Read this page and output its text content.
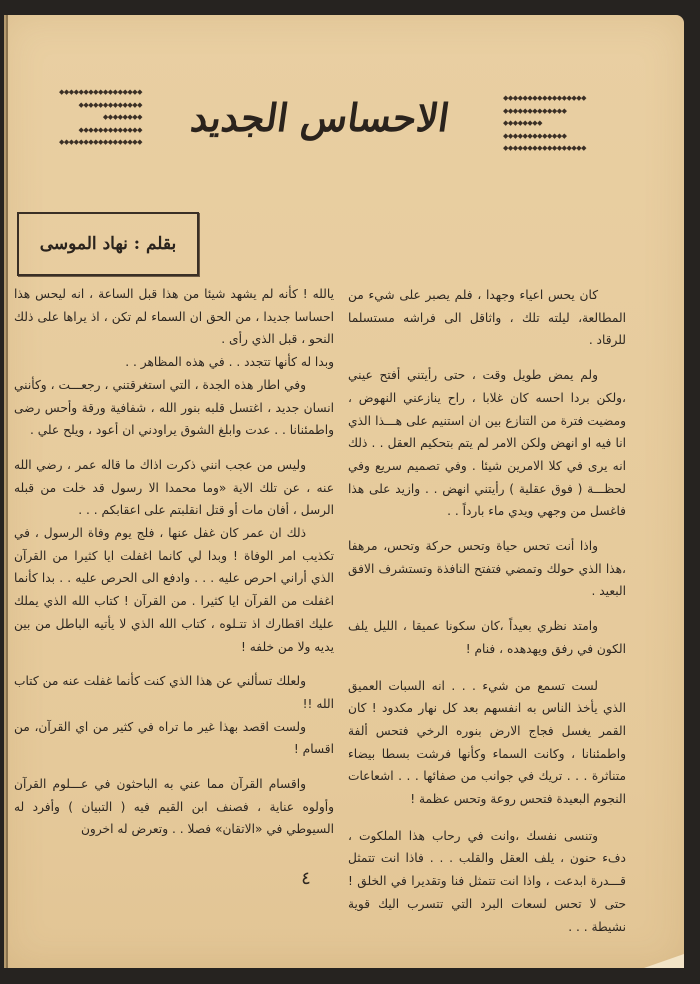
◆◆◆◆◆◆◆◆◆◆◆◆◆◆◆◆◆
◆◆◆◆◆◆◆◆◆◆◆◆◆
◆◆◆◆◆◆◆◆
◆◆◆◆◆◆◆◆◆◆◆◆◆
◆◆◆◆◆◆◆◆◆◆◆◆◆◆◆◆◆
الاحساس الجديد	◆◆◆◆◆◆◆◆◆◆◆◆◆◆◆◆◆
◆◆◆◆◆◆◆◆◆◆◆◆◆
◆◆◆◆◆◆◆◆
◆◆◆◆◆◆◆◆◆◆◆◆◆
◆◆◆◆◆◆◆◆◆◆◆◆◆◆◆◆◆
بقلم : نهاد الموسى

كان يحس اعياء وجهدا ، فلم يصبر على شيء من المطالعة، ليلته تلك ، واثاقل الى فراشه مستسلما للرقاد .

ولم يمض طويل وقت ، حتى رأيتني أفتح عيني ،ولكن بردا احسه كان غلابا ، راح ينازعني النهوض ، ومضيت فترة من التنازع بين ان استنيم على هـــذا الذي انا فيه او انهض ولكن الامر لم يتم بتحكيم العقل . . ذلك انه يرى في كلا الامرين شيئا . وفي تصميم سريع وفي لحظـــة ( فوق عقلية ) رأيتني انهض . . وازيد على هذا فاغسل من وجهي ويدي ماء بارداً . .

واذا أنت تحس حياة وتحس حركة وتحس، مرهفا ،هذا الذي حولك وتمضي فتفتح النافذة وتستشرف الافق البعيد .

وامتد نظري بعيداً ،كان سكونا عميقا ، الليل يلف الكون في رفق ويهدهده ، فنام !

لست تسمع من شيء . . . انه السبات العميق الذي يأخذ الناس به انفسهم بعد كل نهار مكدود ! كان القمر يغسل فجاج الارض بنوره الرخي فتحس ألفة واطمئنانا ، وكانت السماء وكأنها فرشت بسطا بيضاء متناثرة . . . تريك في جوانب من صفائها . . . اشعاعات النجوم البعيدة فتحس روعة وتحس عظمة !

وتنسى نفسك ،وانت في رحاب هذا الملكوت ، دفء حنون ، يلف العقل والقلب . . . فاذا انت تتمثل قـــدرة ابدعت ، واذا انت تتمثل فنا وتقديرا في الخلق ! حتى لا تحس لسعات البرد التي تتسرب اليك قوية نشيطة . . .

يالله ! كأنه لم يشهد شيئا من هذا قبل الساعة ، انه ليحس هذا احساسا جديدا ، من الحق ان السماء لم تكن ، اذ يراها على ذلك النحو ، قبل الذي رأى .

وبدا له كأنها تتجدد . . في هذه المظاهر . .

وفي اطار هذه الجدة ، التي استغرقتني ، رجعـــت ، وكأنني انسان جديد ، اغتسل قلبه بنور الله ، شفافية ورقة وأحس رضى واطمئنانا . . عدت وابلغ الشوق يراودني ان أعود ، ويلح علي .

وليس من عجب انني ذكرت اذاك ما قاله عمر ، رضي الله عنه ، عن تلك الاية «وما محمدا الا رسول قد خلت من قبله الرسل ، أفان مات أو قتل انقلبتم على اعقابكم . . .

ذلك ان عمر كان غفل عنها ، فلج يوم وفاة الرسول ، في تكذيب امر الوفاة ! وبدا لي كانما اغفلت ايا كثيرا من القرآن الذي أراني احرص عليه . . . وادفع الى الحرص عليه . . بدا كأنما اغفلت من القرآن ايا كثيرا . من القرآن ! كتاب الله الذي يملك عليك اقطارك اذ تتـلوه ، كتاب الله الذي لا يأتيه الباطل من بين يديه ولا من خلفه !

ولعلك تسألني عن هذا الذي كنت كأنما غفلت عنه من كتاب الله !!

ولست اقصد بهذا غير ما تراه في كثير من اي القرآن، من اقسام !

واقسام القرآن مما عني به الباحثون في عـــلوم القرآن وأولوه عناية ، فصنف ابن القيم فيه ( التبيان ) وأفرد له السيوطي في «الاتقان» فصلا . . وتعرض له اخرون

٤
